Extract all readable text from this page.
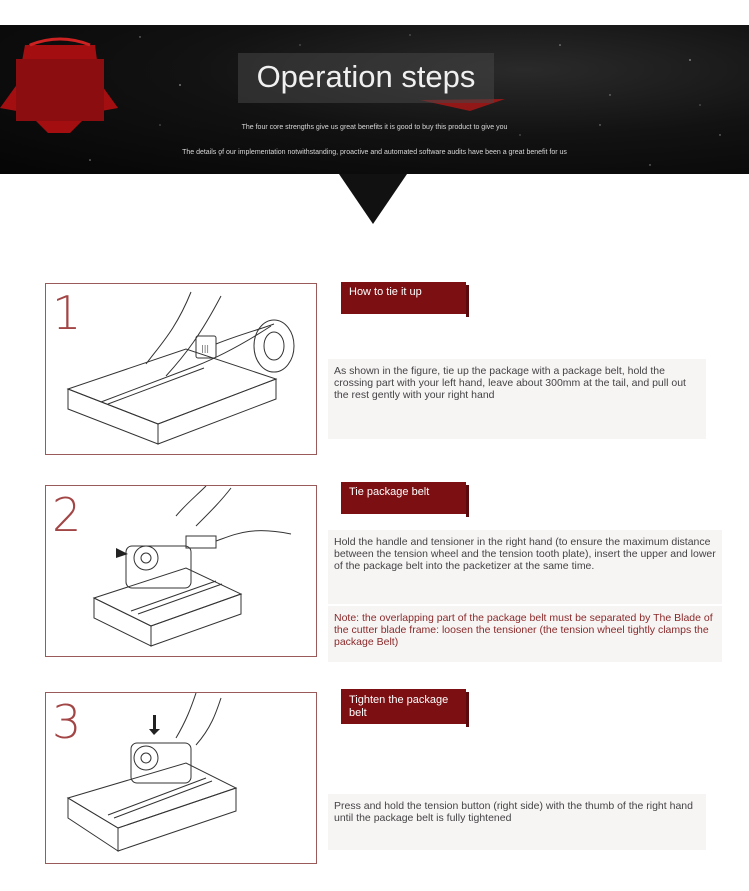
Operation steps
The four core strengths give us great benefits it is good to buy this product to give you
The details of our implementation notwithstanding, proactive and automated software audits have been a great benefit for us
|||
1	How to tie it up
As shown in the figure, tie up the package with a package belt, hold the crossing part with your left hand, leave about 300mm at the tail, and pull out the rest gently with your right hand
2	Tie package belt
Hold the handle and tensioner in the right hand (to ensure the maximum distance between the tension wheel and the tension tooth plate), insert the upper and lower of the package belt into the packetizer at the same time.
Note: the overlapping part of the package belt must be separated by The Blade of the cutter blade frame: loosen the tensioner (the tension wheel tightly clamps the package Belt)
3	Tighten the package belt
Press and hold the tension button (right side) with the thumb of the right hand until the package belt is fully tightened
